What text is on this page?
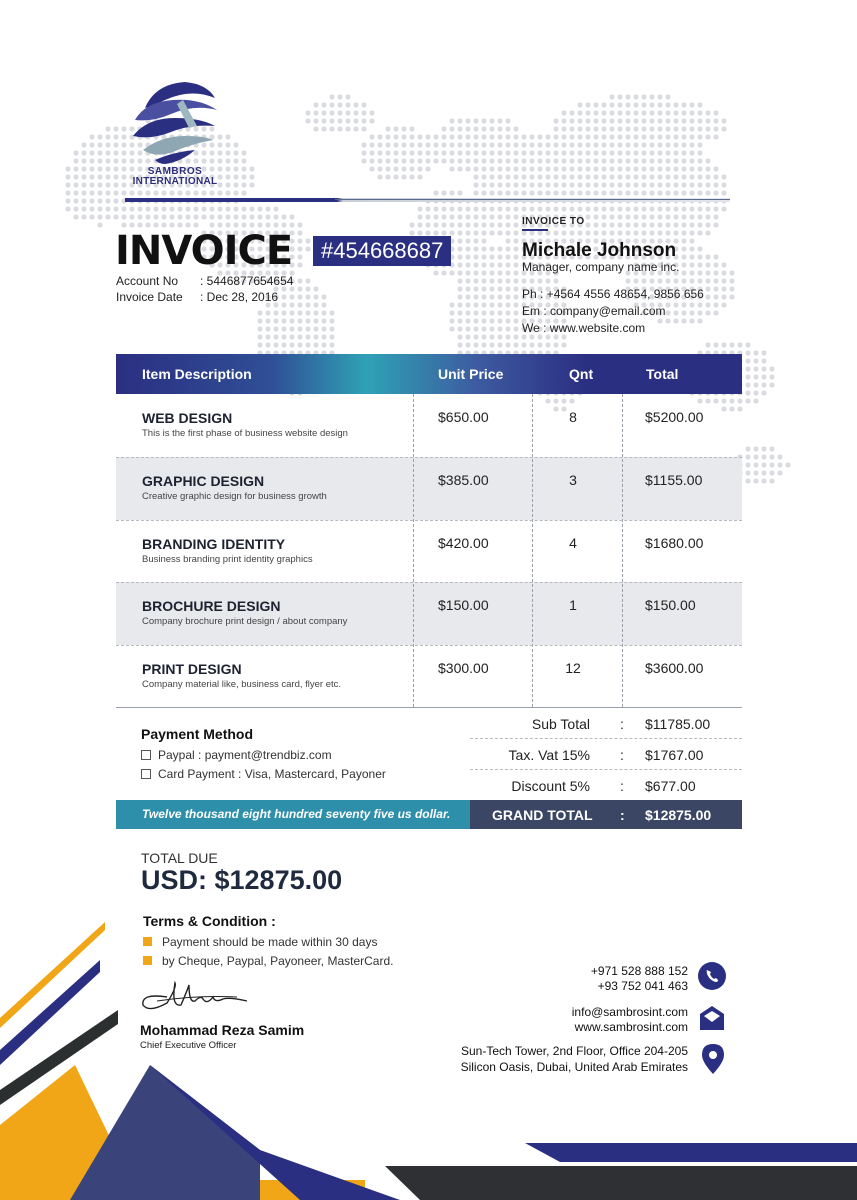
SAMBROS
INTERNATIONAL
INVOICE	#454668687
Account No : 5446877654654
Invoice Date : Dec 28, 2016
INVOICE TO
Michale Johnson
Manager, company name inc.
Ph : +4564 4556 48654, 9856 656
Em : company@email.com
We : www.website.com
Item Description	Unit Price	Qnt	Total
WEB DESIGN
This is the first phase of business website design
$650.00	8	$5200.00
GRAPHIC DESIGN
Creative graphic design for business growth
$385.00	3	$1155.00
BRANDING IDENTITY
Business branding print identity graphics
$420.00	4	$1680.00
BROCHURE DESIGN
Company brochure print design / about company
$150.00	1	$150.00
PRINT DESIGN
Company material like, business card, flyer etc.
$300.00	12	$3600.00
Payment Method
Paypal : payment@trendbiz.com
Card Payment : Visa, Mastercard, Payoner
Sub Total : $11785.00
Tax. Vat 15% : $1767.00
Discount 5% : $677.00
Twelve thousand eight hundred seventy five us dollar.	GRAND TOTAL : $12875.00
TOTAL DUE
USD: $12875.00
Terms & Condition :
Payment should be made within 30 days
by Cheque, Paypal, Payoneer, MasterCard.
Mohammad Reza Samim
Chief Executive Officer
+971 528 888 152
+93 752 041 463
info@sambrosint.com
www.sambrosint.com
Sun-Tech Tower, 2nd Floor, Office 204-205
Silicon Oasis, Dubai, United Arab Emirates
